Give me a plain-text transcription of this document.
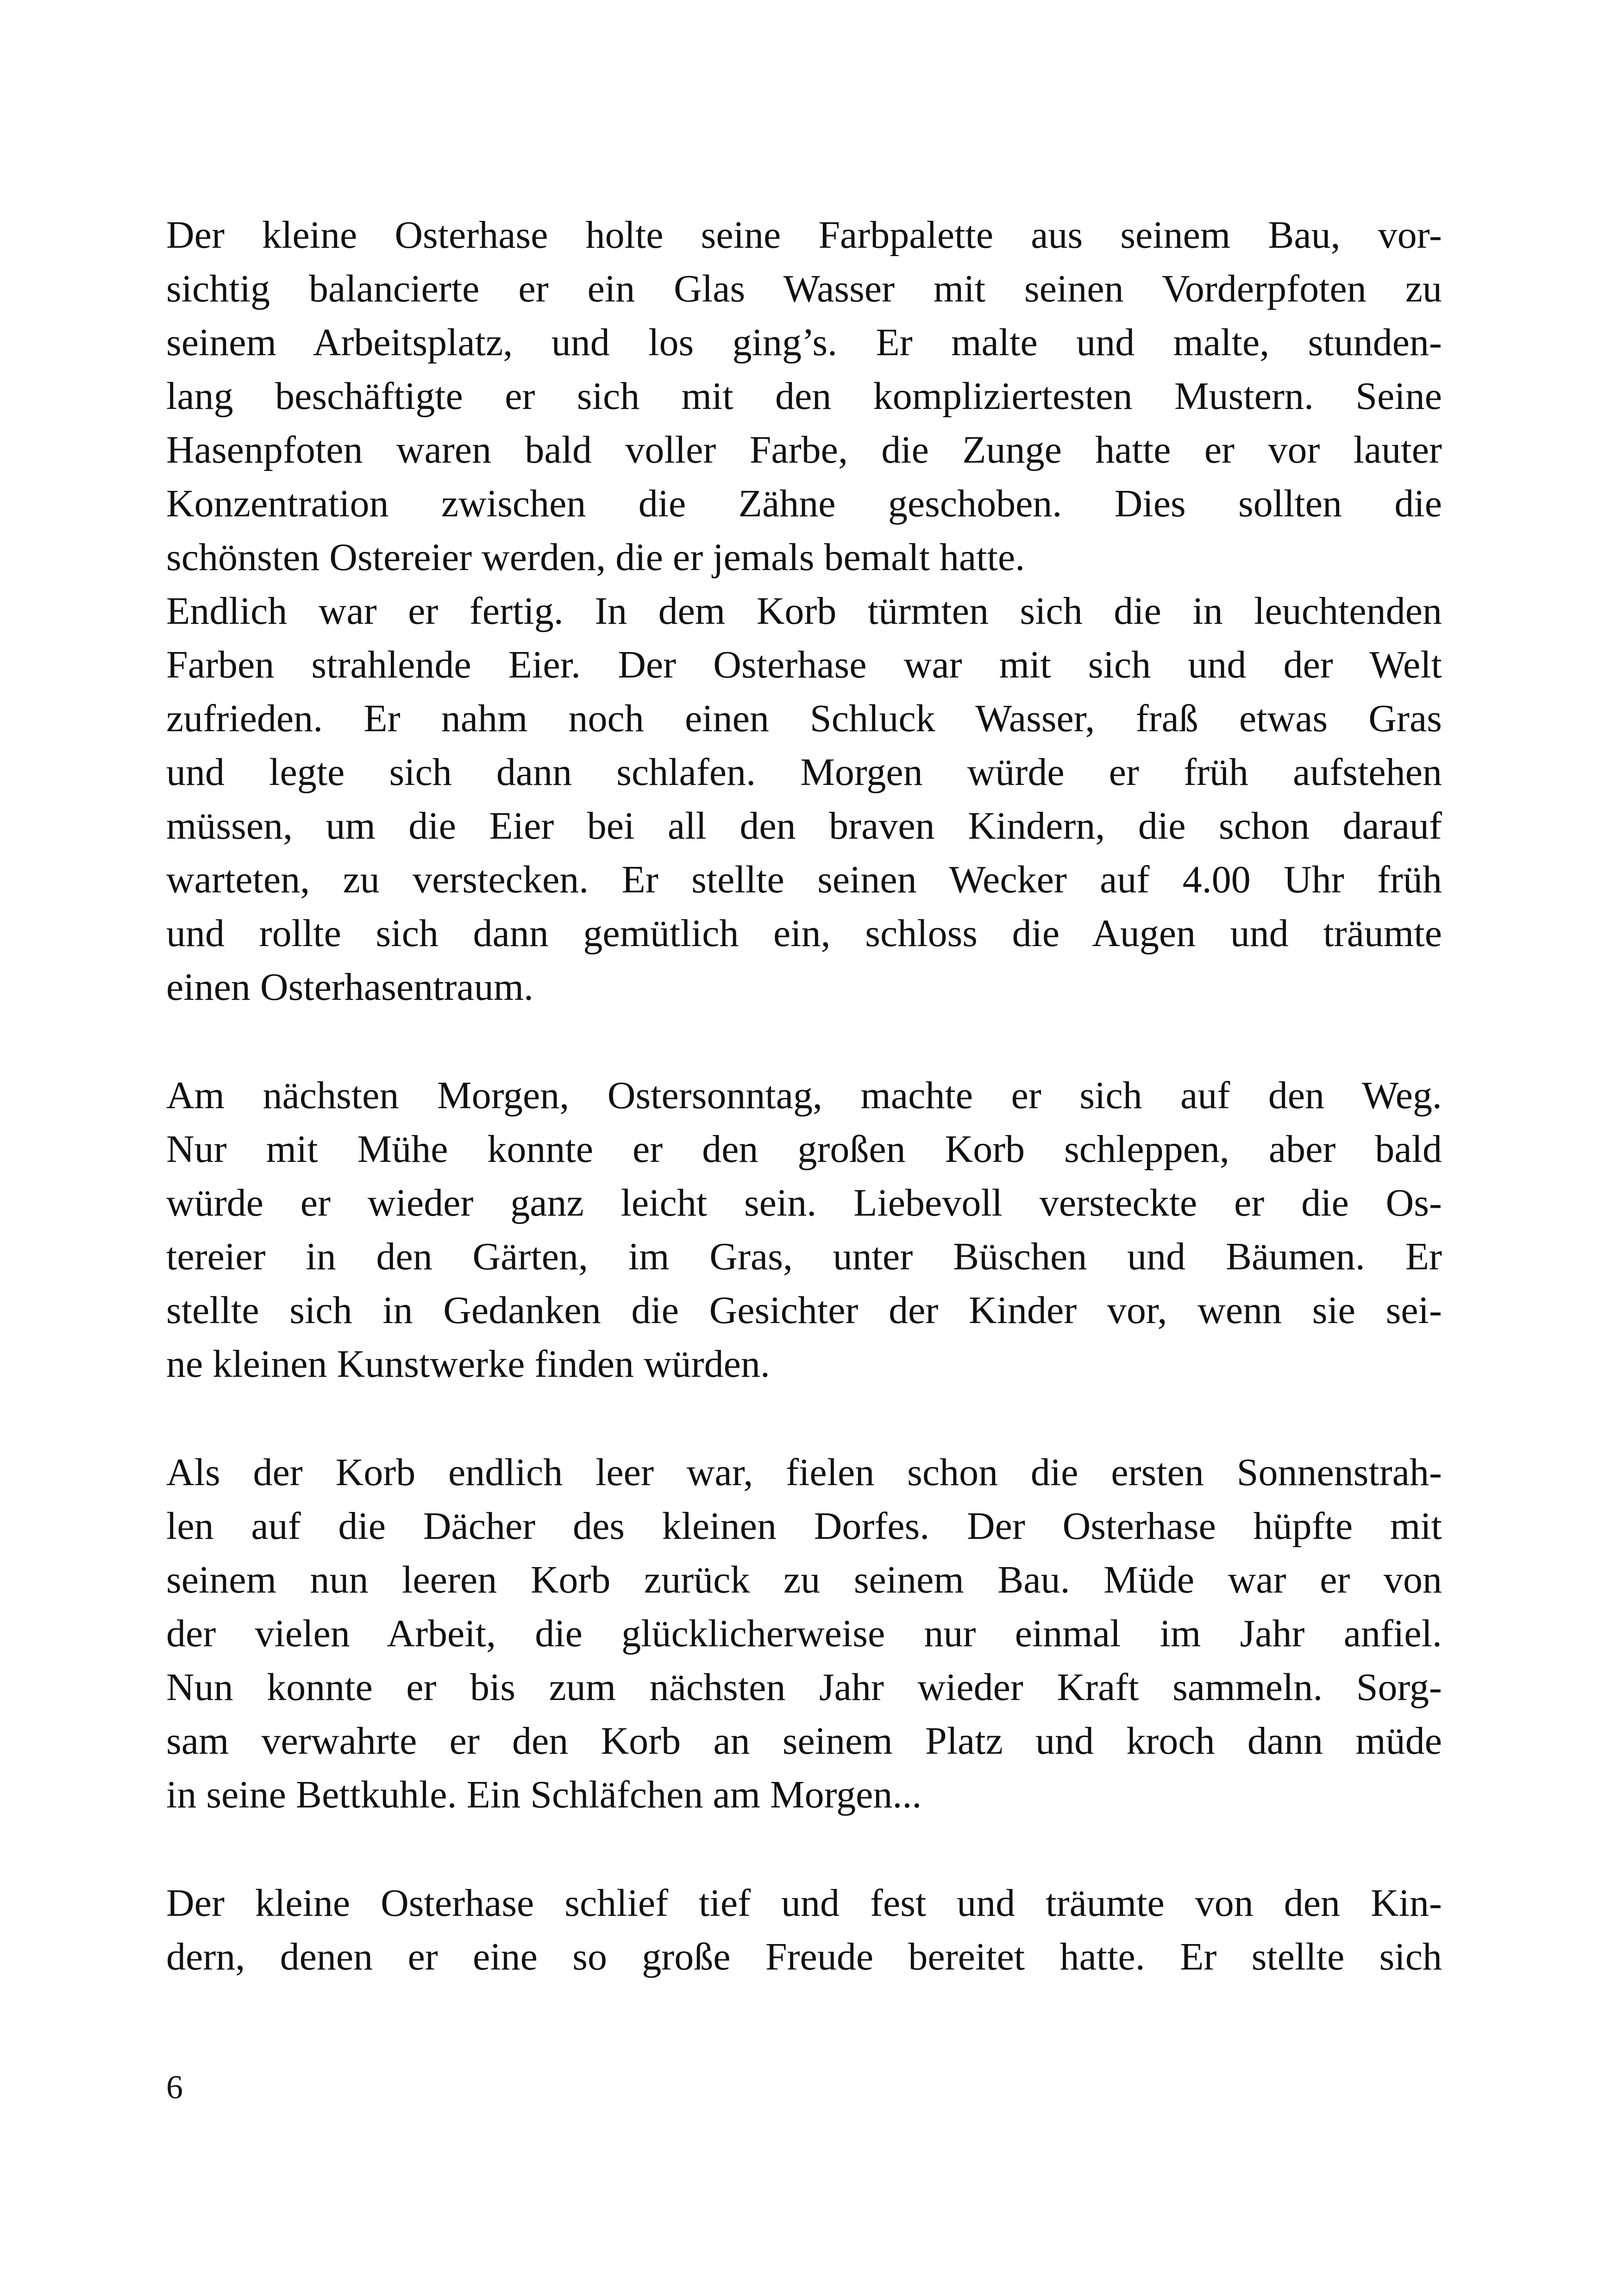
Der kleine Osterhase holte seine Farbpalette aus seinem Bau, vor-
sichtig balancierte er ein Glas Wasser mit seinen Vorderpfoten zu
seinem Arbeitsplatz, und los ging’s. Er malte und malte, stunden-
lang beschäftigte er sich mit den kompliziertesten Mustern. Seine
Hasenpfoten waren bald voller Farbe, die Zunge hatte er vor lauter
Konzentration zwischen die Zähne geschoben. Dies sollten die
schönsten Ostereier werden, die er jemals bemalt hatte.
Endlich war er fertig. In dem Korb türmten sich die in leuchtenden
Farben strahlende Eier. Der Osterhase war mit sich und der Welt
zufrieden. Er nahm noch einen Schluck Wasser, fraß etwas Gras
und legte sich dann schlafen. Morgen würde er früh aufstehen
müssen, um die Eier bei all den braven Kindern, die schon darauf
warteten, zu verstecken. Er stellte seinen Wecker auf 4.00 Uhr früh
und rollte sich dann gemütlich ein, schloss die Augen und träumte
einen Osterhasentraum.
Am nächsten Morgen, Ostersonntag, machte er sich auf den Weg.
Nur mit Mühe konnte er den großen Korb schleppen, aber bald
würde er wieder ganz leicht sein. Liebevoll versteckte er die Os-
tereier in den Gärten, im Gras, unter Büschen und Bäumen. Er
stellte sich in Gedanken die Gesichter der Kinder vor, wenn sie sei-
ne kleinen Kunstwerke finden würden.
Als der Korb endlich leer war, fielen schon die ersten Sonnenstrah-
len auf die Dächer des kleinen Dorfes. Der Osterhase hüpfte mit
seinem nun leeren Korb zurück zu seinem Bau. Müde war er von
der vielen Arbeit, die glücklicherweise nur einmal im Jahr anfiel.
Nun konnte er bis zum nächsten Jahr wieder Kraft sammeln. Sorg-
sam verwahrte er den Korb an seinem Platz und kroch dann müde
in seine Bettkuhle. Ein Schläfchen am Morgen...
Der kleine Osterhase schlief tief und fest und träumte von den Kin-
dern, denen er eine so große Freude bereitet hatte. Er stellte sich
6
